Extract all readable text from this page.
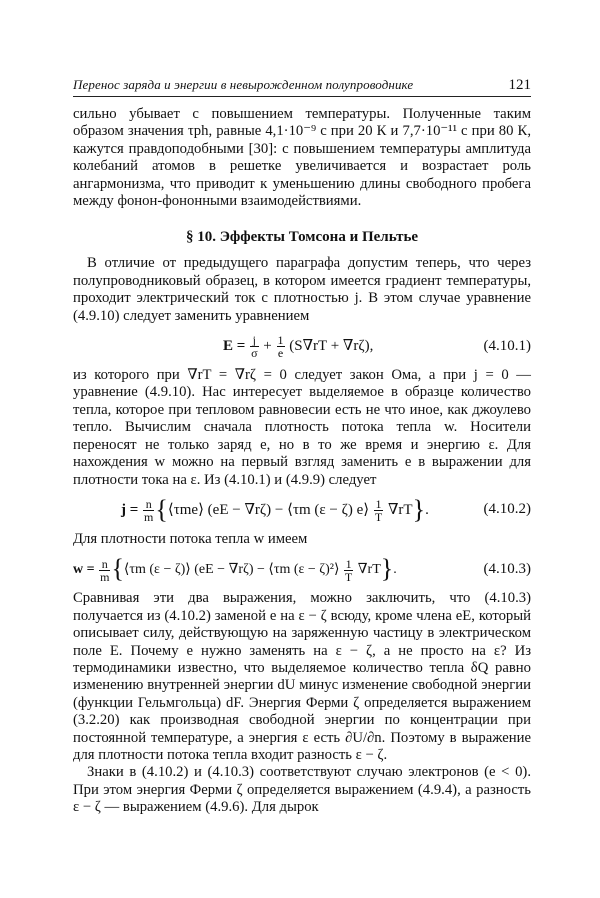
Перенос заряда и энергии в невырожденном полупроводнике	121

сильно убывает с повышением температуры. Полученные таким образом значения τph, равные 4,1·10⁻⁹ с при 20 К и 7,7·10⁻¹¹ с при 80 К, кажутся правдоподобными [30]: с повышением температуры амплитуда колебаний атомов в решетке увеличивается и возрастает роль ангармонизма, что приводит к уменьшению длины свободного пробега между фонон-фононными взаимодействиями.

§ 10. Эффекты Томсона и Пельтье

В отличие от предыдущего параграфа допустим теперь, что через полупроводниковый образец, в котором имеется градиент температуры, проходит электрический ток с плотностью j. В этом случае уравнение (4.9.10) следует заменить уравнением

$E = \frac{j}{\sigma} + \frac{1}{e} (S\nabla rT + \nabla r\zeta)$,	(4.10.1)

из которого при ∇rT = ∇rζ = 0 следует закон Ома, а при j = 0 — уравнение (4.9.10). Нас интересует выделяемое в образце количество тепла, которое при тепловом равновесии есть не что иное, как джоулево тепло. Вычислим сначала плотность потока тепла w. Носители переносят не только заряд e, но в то же время и энергию ε. Для нахождения w можно на первый взгляд заменить e в выражении для плотности тока на ε. Из (4.10.1) и (4.9.9) следует

$j = \frac{n}{m}$ {⟨τme⟩ (eE − ∇rζ) − ⟨τm (ε − ζ) e⟩ $\frac{1}{T} \nabla rT$}.	(4.10.2)

Для плотности потока тепла w имеем

$w = \frac{n}{m}$ {⟨τm (ε − ζ)⟩ (eE − ∇rζ) − ⟨τm (ε − ζ)²⟩ $\frac{1}{T} \nabla rT$}.	(4.10.3)

Сравнивая эти два выражения, можно заключить, что (4.10.3) получается из (4.10.2) заменой e на ε − ζ всюду, кроме члена eE, который описывает силу, действующую на заряженную частицу в электрическом поле E. Почему e нужно заменять на ε − ζ, а не просто на ε? Из термодинамики известно, что выделяемое количество тепла δQ равно изменению внутренней энергии dU минус изменение свободной энергии (функции Гельмгольца) dF. Энергия Ферми ζ определяется выражением (3.2.20) как производная свободной энергии по концентрации при постоянной температуре, а энергия ε есть ∂U/∂n. Поэтому в выражение для плотности потока тепла входит разность ε − ζ.

Знаки в (4.10.2) и (4.10.3) соответствуют случаю электронов (e < 0). При этом энергия Ферми ζ определяется выражением (4.9.4), а разность ε − ζ — выражением (4.9.6). Для дырок
